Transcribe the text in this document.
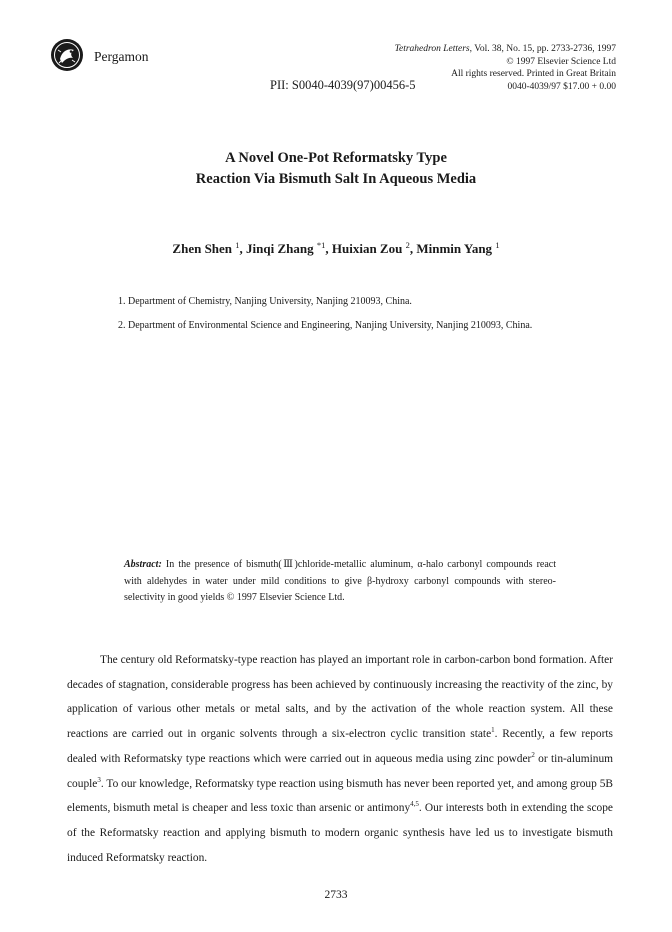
Pergamon	Tetrahedron Letters, Vol. 38, No. 15, pp. 2733-2736, 1997
© 1997 Elsevier Science Ltd
All rights reserved. Printed in Great Britain
0040-4039/97 $17.00 + 0.00
PII: S0040-4039(97)00456-5
A Novel One-Pot Reformatsky Type
Reaction Via Bismuth Salt In Aqueous Media
Zhen Shen $^1$, Jinqi Zhang $^{*1}$, Huixian Zou $^2$, Minmin Yang $^1$
1. Department of Chemistry, Nanjing University, Nanjing 210093, China.
2. Department of Environmental Science and Engineering, Nanjing University, Nanjing 210093, China.
Abstract: In the presence of bismuth(Ⅲ)chloride-metallic aluminum, α-halo carbonyl compounds react with aldehydes in water under mild conditions to give β-hydroxy carbonyl compounds with stereo-selectivity in good yields © 1997 Elsevier Science Ltd.

The century old Reformatsky-type reaction has played an important role in carbon-carbon bond formation. After decades of stagnation, considerable progress has been achieved by continuously increasing the reactivity of the zinc, by application of various other metals or metal salts, and by the activation of the whole reaction system. All these reactions are carried out in organic solvents through a six-electron cyclic transition state$^1$. Recently, a few reports dealed with Reformatsky type reactions which were carried out in aqueous media using zinc powder$^2$ or tin-aluminum couple$^3$. To our knowledge, Reformatsky type reaction using bismuth has never been reported yet, and among group 5B elements, bismuth metal is cheaper and less toxic than arsenic or antimony$^{4,5}$. Our interests both in extending the scope of the Reformatsky reaction and applying bismuth to modern organic synthesis have led us to investigate bismuth induced Reformatsky reaction.

2733
